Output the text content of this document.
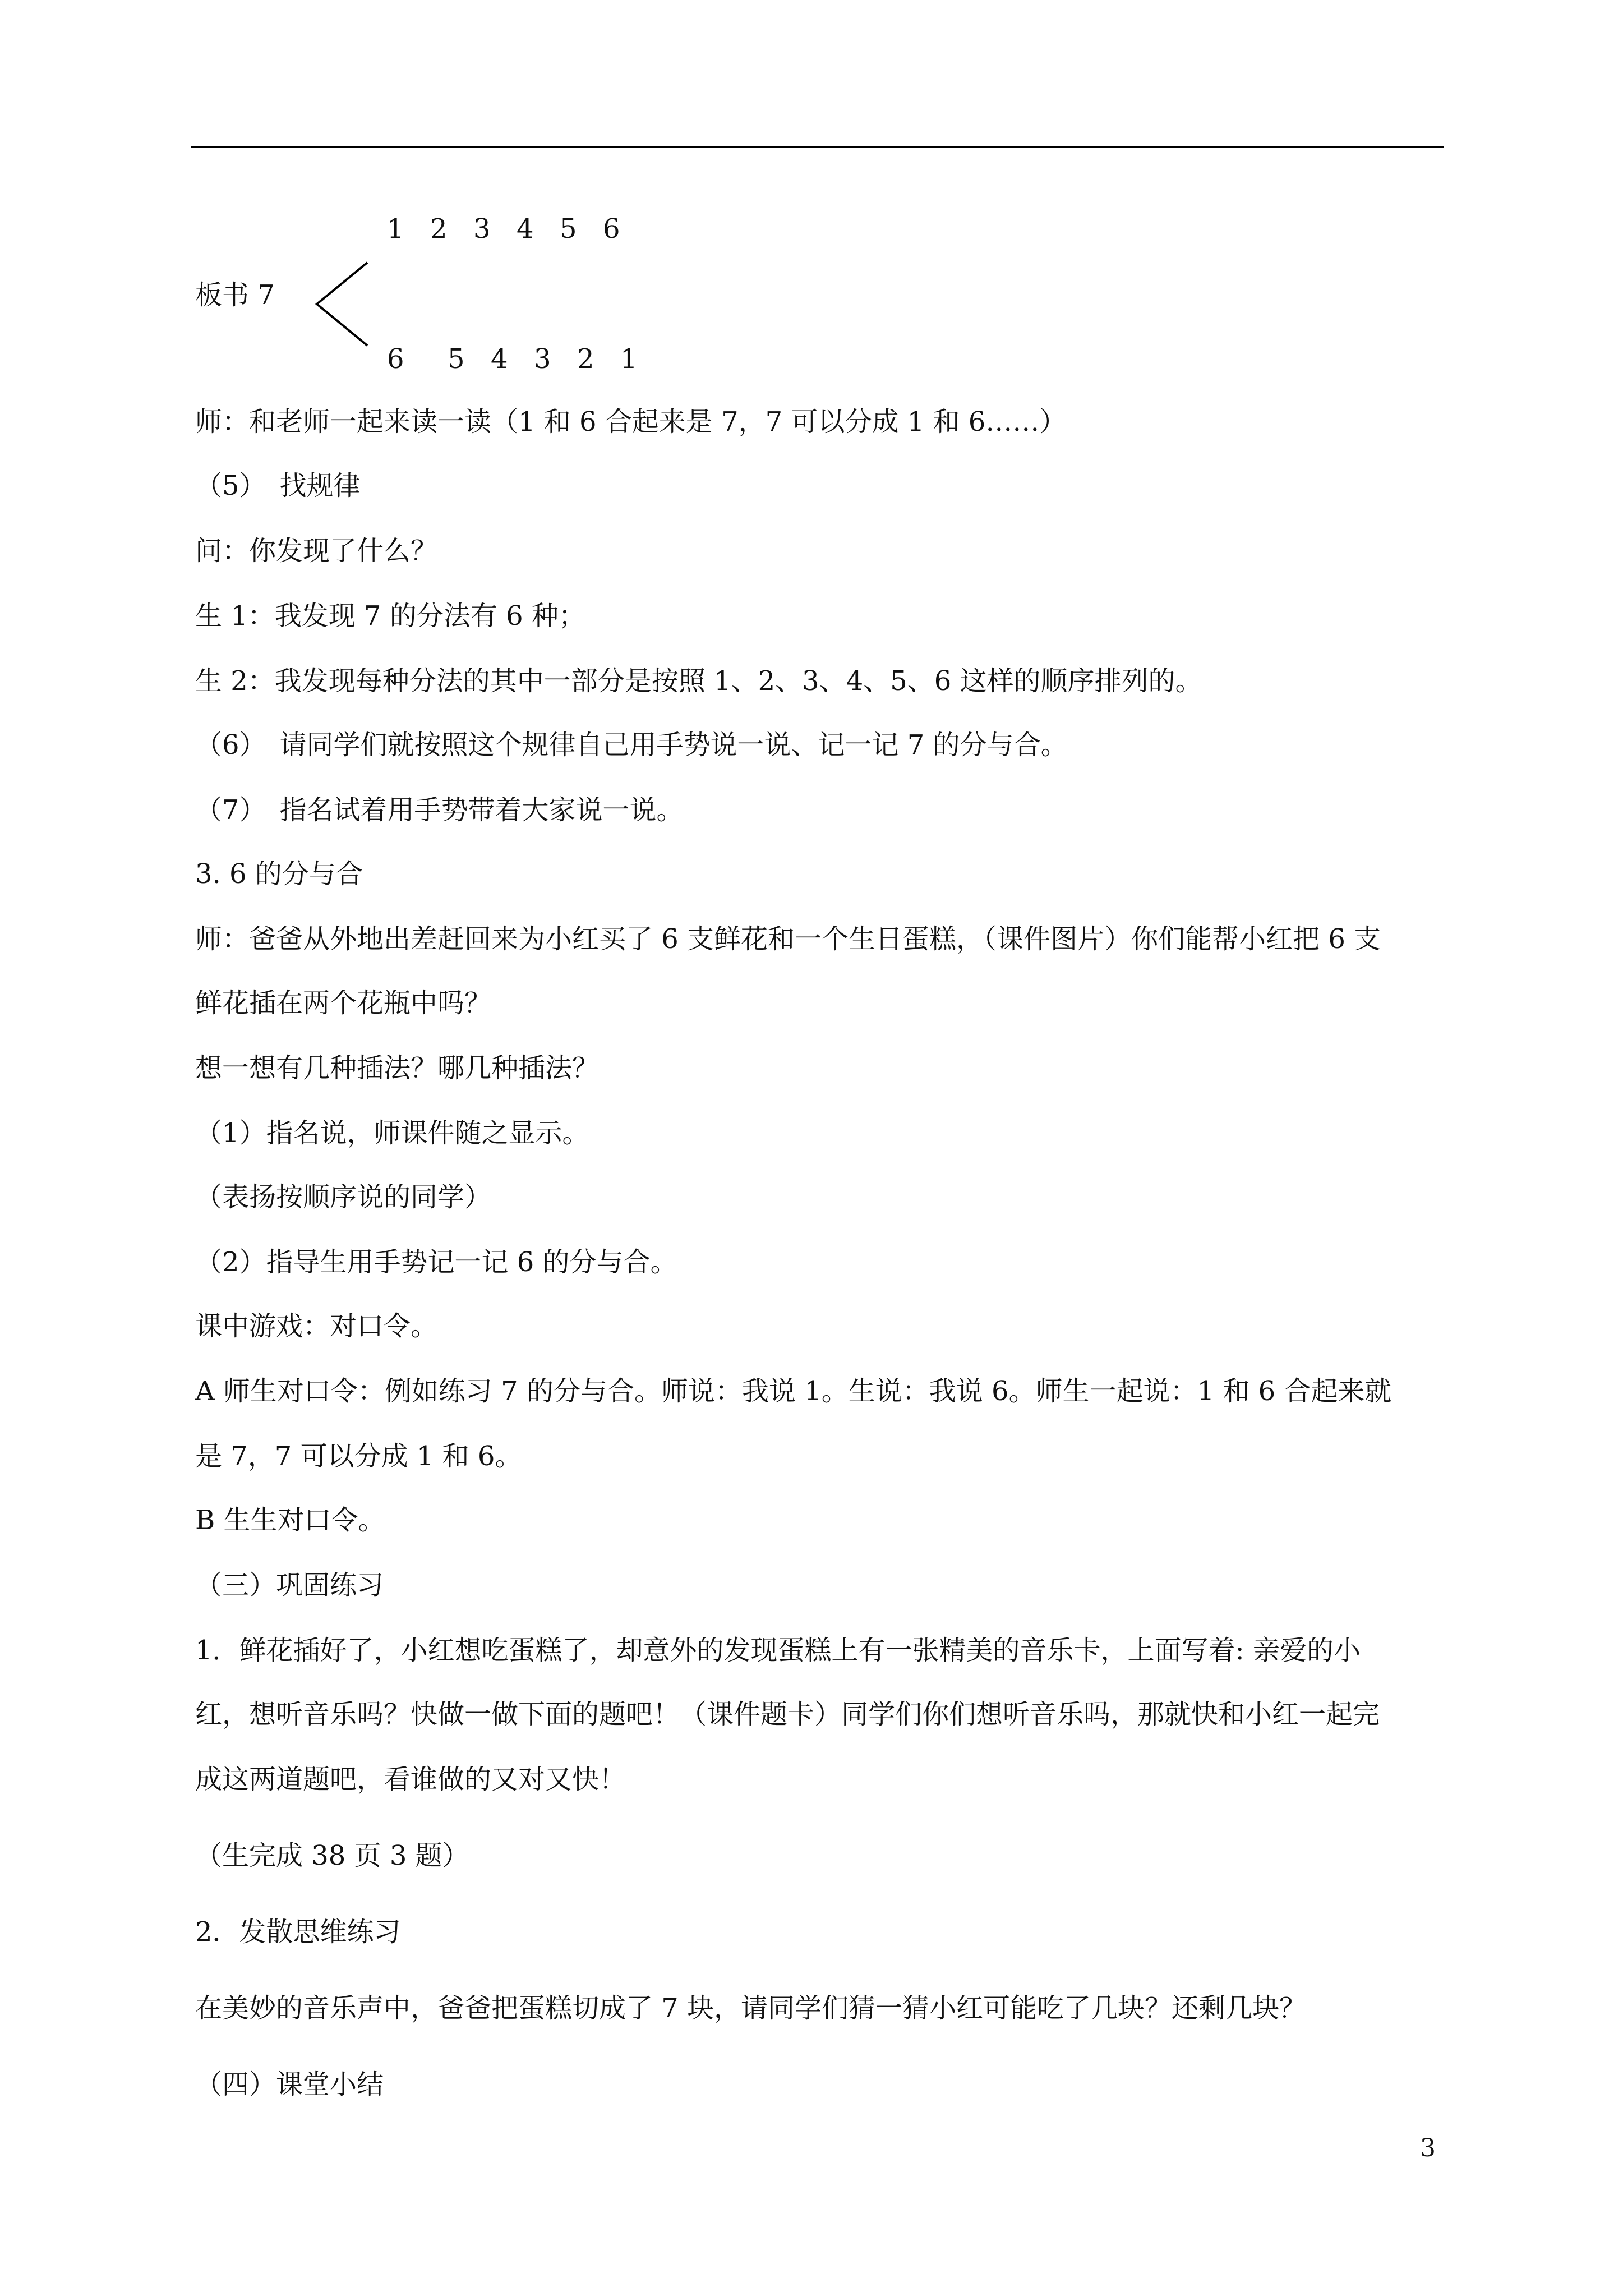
1 2 3 4 5 6
板书 7
6 5 4 3 2 1
师：和老师一起来读一读（1 和 6 合起来是 7，7 可以分成 1 和 6……）
（5）　找规律
问：你发现了什么？
生 1：我发现 7 的分法有 6 种；
生 2：我发现每种分法的其中一部分是按照 1、2、3、4、5、6 这样的顺序排列的。
（6）　请同学们就按照这个规律自己用手势说一说、记一记 7 的分与合。
（7）　指名试着用手势带着大家说一说。
3. 6 的分与合
师：爸爸从外地出差赶回来为小红买了 6 支鲜花和一个生日蛋糕，（课件图片）你们能帮小红把 6 支
鲜花插在两个花瓶中吗？
想一想有几种插法？哪几种插法？
（1）指名说，师课件随之显示。
（表扬按顺序说的同学）
（2）指导生用手势记一记 6 的分与合。
课中游戏：对口令。
A 师生对口令：例如练习 7 的分与合。师说：我说 1。生说：我说 6。师生一起说：1 和 6 合起来就
是 7，7 可以分成 1 和 6。
B 生生对口令。
（三）巩固练习
1．鲜花插好了，小红想吃蛋糕了，却意外的发现蛋糕上有一张精美的音乐卡，上面写着: 亲爱的小
红，想听音乐吗？快做一做下面的题吧！（课件题卡）同学们你们想听音乐吗，那就快和小红一起完
成这两道题吧，看谁做的又对又快！
（生完成 38 页 3 题）
2．发散思维练习
在美妙的音乐声中，爸爸把蛋糕切成了 7 块，请同学们猜一猜小红可能吃了几块？还剩几块？
（四）课堂小结
3
